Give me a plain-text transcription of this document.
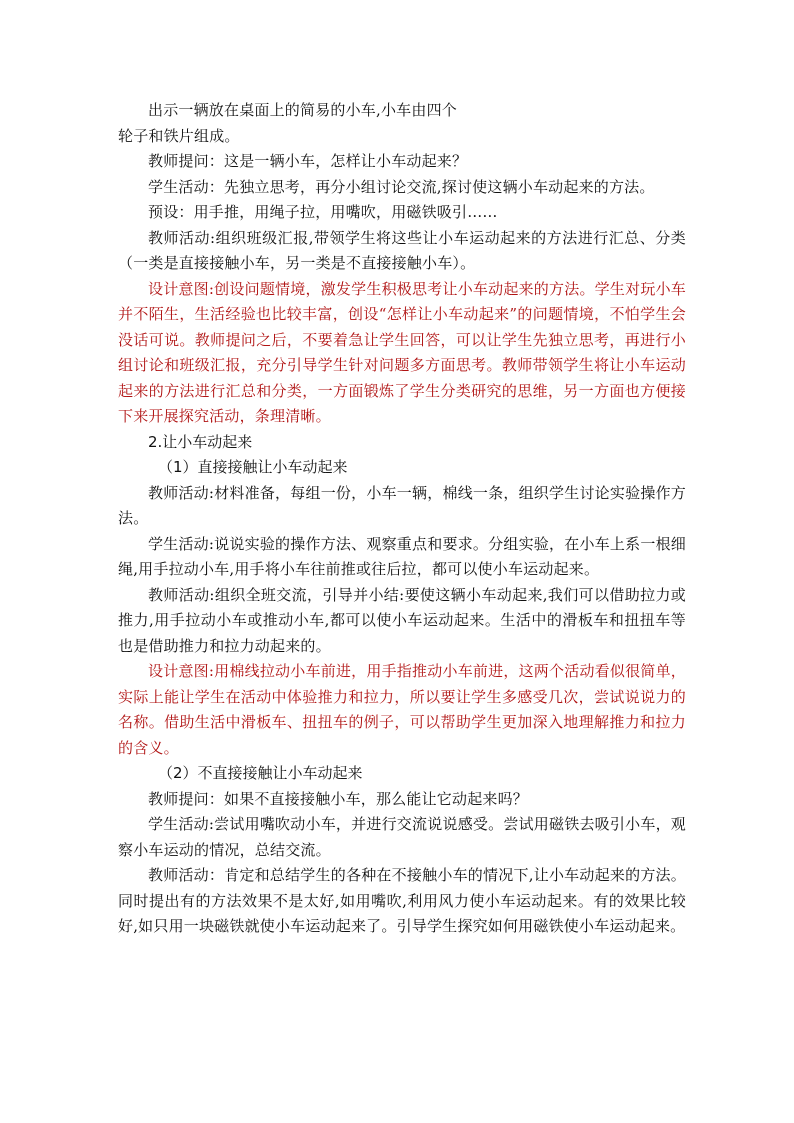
出示一辆放在桌面上的简易的小车,小车由四个

轮子和铁片组成。

教师提问：这是一辆小车，怎样让小车动起来？

学生活动：先独立思考，再分小组讨论交流,探讨使这辆小车动起来的方法。

预设：用手推，用绳子拉，用嘴吹，用磁铁吸引……

教师活动:组织班级汇报,带领学生将这些让小车运动起来的方法进行汇总、分类（一类是直接接触小车，另一类是不直接接触小车）。

设计意图:创设问题情境，激发学生积极思考让小车动起来的方法。学生对玩小车并不陌生，生活经验也比较丰富，创设“怎样让小车动起来”的问题情境，不怕学生会没话可说。教师提问之后，不要着急让学生回答，可以让学生先独立思考，再进行小组讨论和班级汇报，充分引导学生针对问题多方面思考。教师带领学生将让小车运动起来的方法进行汇总和分类，一方面锻炼了学生分类研究的思维，另一方面也方便接下来开展探究活动，条理清晰。

2.让小车动起来

（1）直接接触让小车动起来

教师活动:材料准备，每组一份，小车一辆，棉线一条，组织学生讨论实验操作方法。

学生活动:说说实验的操作方法、观察重点和要求。分组实验，在小车上系一根细绳,用手拉动小车,用手将小车往前推或往后拉，都可以使小车运动起来。

教师活动:组织全班交流，引导并小结:要使这辆小车动起来,我们可以借助拉力或推力,用手拉动小车或推动小车,都可以使小车运动起来。生活中的滑板车和扭扭车等也是借助推力和拉力动起来的。

设计意图:用棉线拉动小车前进，用手指推动小车前进，这两个活动看似很简单，实际上能让学生在活动中体验推力和拉力，所以要让学生多感受几次，尝试说说力的名称。借助生活中滑板车、扭扭车的例子，可以帮助学生更加深入地理解推力和拉力的含义。

（2）不直接接触让小车动起来

教师提问：如果不直接接触小车，那么能让它动起来吗？

学生活动:尝试用嘴吹动小车，并进行交流说说感受。尝试用磁铁去吸引小车，观察小车运动的情况，总结交流。

教师活动：肯定和总结学生的各种在不接触小车的情况下,让小车动起来的方法。同时提出有的方法效果不是太好,如用嘴吹,利用风力使小车运动起来。有的效果比较好,如只用一块磁铁就使小车运动起来了。引导学生探究如何用磁铁使小车运动起来。
